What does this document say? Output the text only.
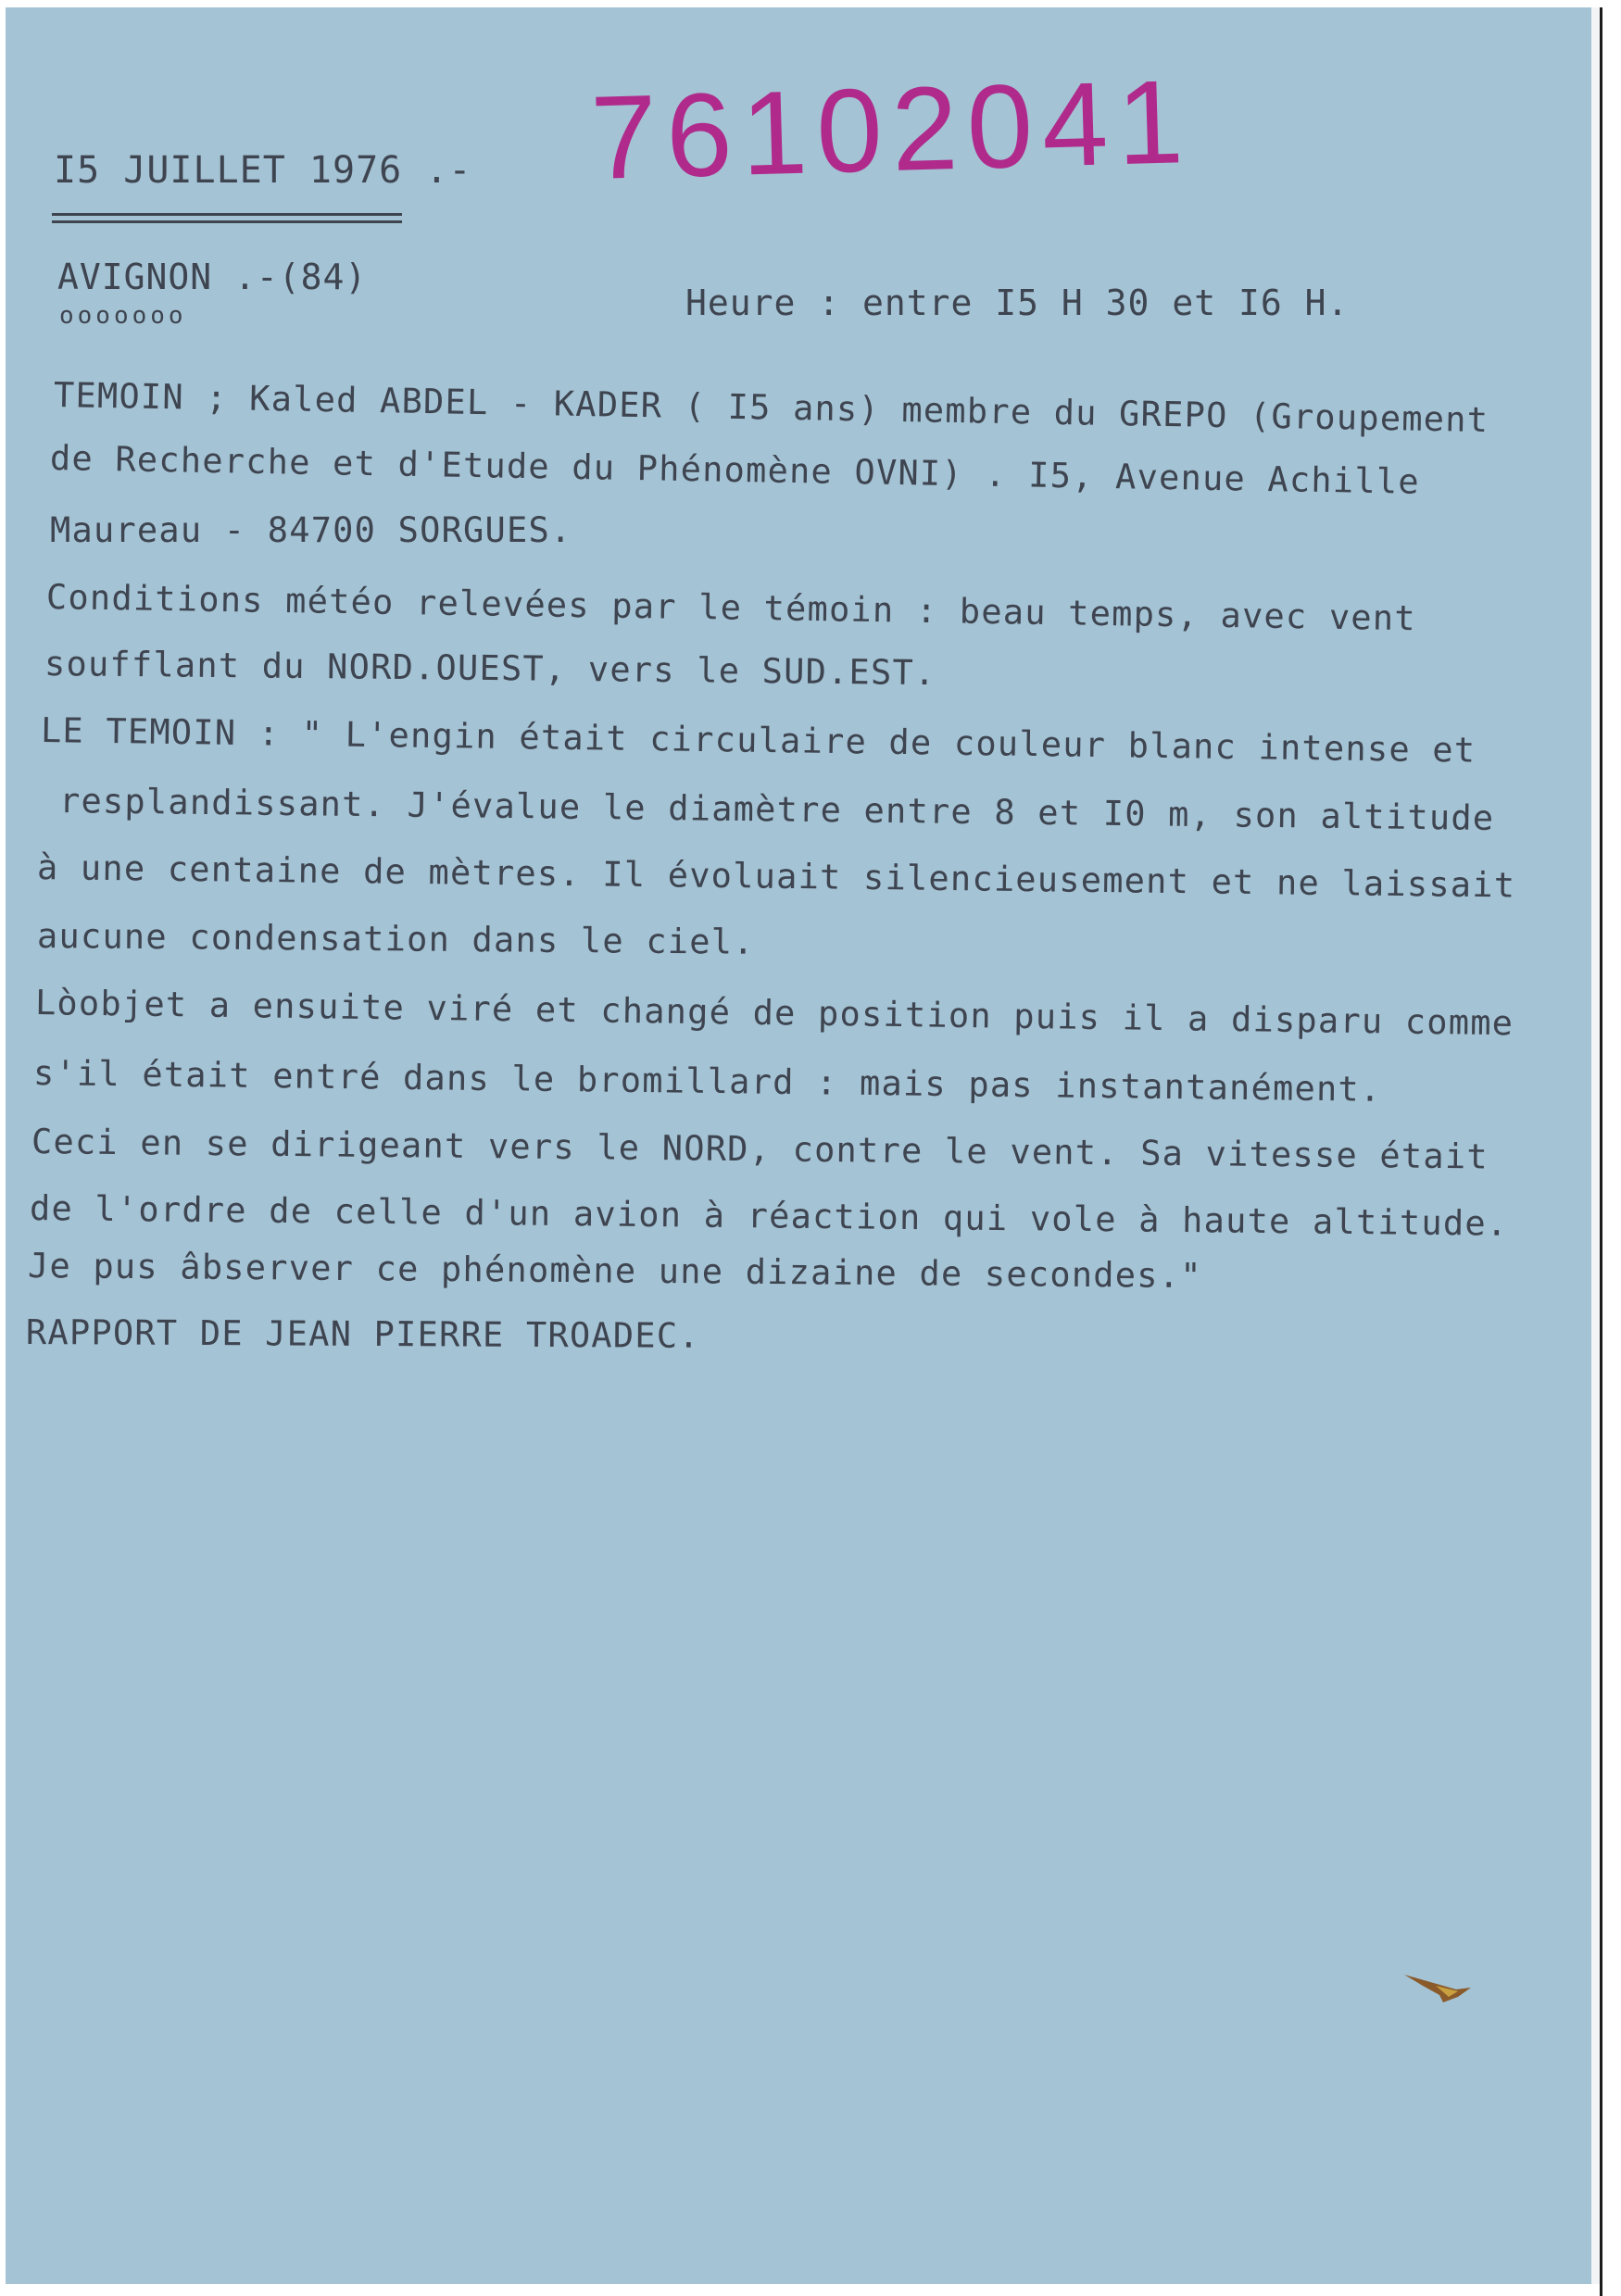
I5 JUILLET 1976 .- 76102041
AVIGNON .-(84)
ooooooo	Heure : entre I5 H 30 et I6 H.
TEMOIN ; Kaled ABDEL - KADER ( I5 ans) membre du GREPO (Groupement
de Recherche et d'Etude du Phénomène OVNI) . I5, Avenue Achille
Maureau - 84700 SORGUES.
Conditions météo relevées par le témoin : beau temps, avec vent
soufflant du NORD.OUEST, vers le SUD.EST.
LE TEMOIN : " L'engin était circulaire de couleur blanc intense et
resplandissant. J'évalue le diamètre entre 8 et I0 m, son altitude
à une centaine de mètres. Il évoluait silencieusement et ne laissait
aucune condensation dans le ciel.
Lòobjet a ensuite viré et changé de position puis il a disparu comme
s'il était entré dans le bromillard : mais pas instantanément.
Ceci en se dirigeant vers le NORD, contre le vent. Sa vitesse était
de l'ordre de celle d'un avion à réaction qui vole à haute altitude.
Je pus âbserver ce phénomène une dizaine de secondes."
RAPPORT DE JEAN PIERRE TROADEC.
